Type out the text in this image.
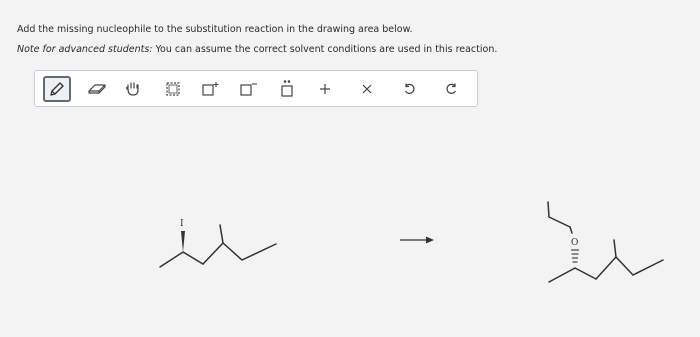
Add the missing nucleophile to the substitution reaction in the drawing area below.
Note for advanced students: You can assume the correct solvent conditions are used in this reaction.
I
O
